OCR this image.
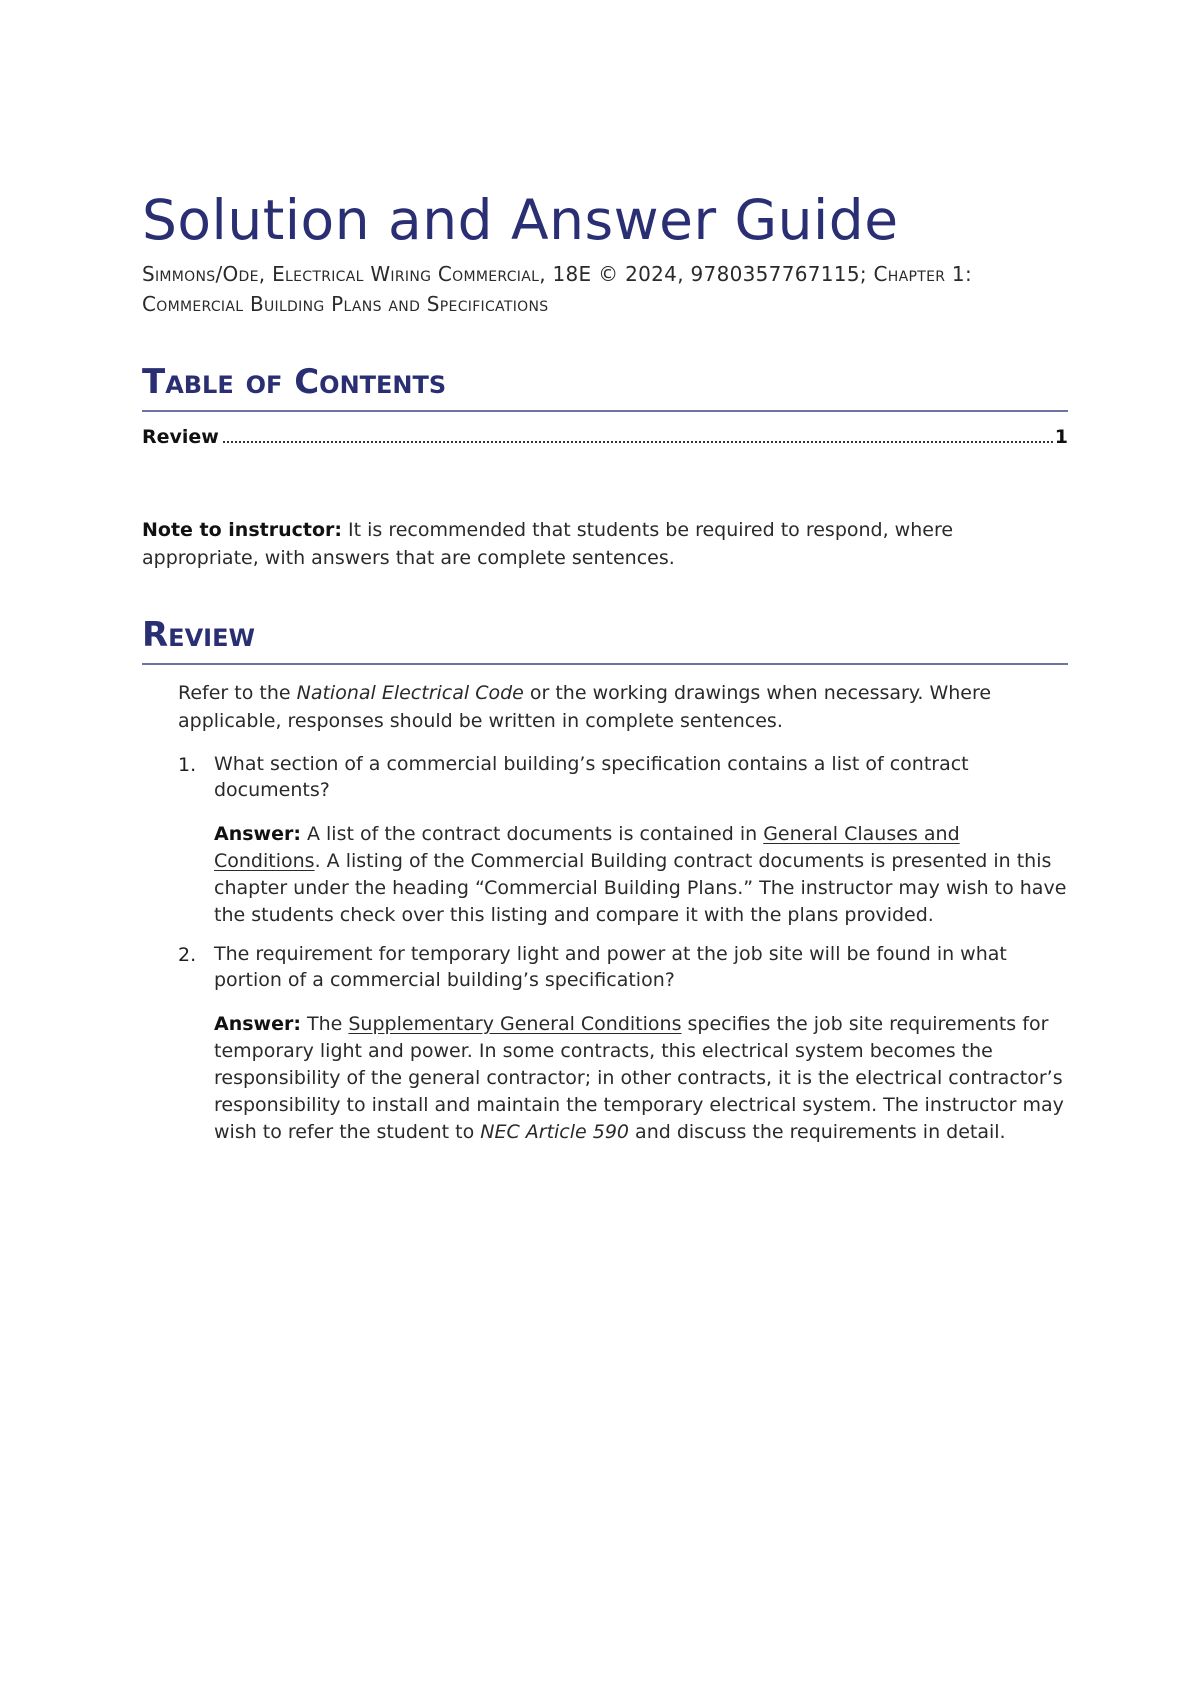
Solution and Answer Guide
Simmons/Ode, Electrical Wiring Commercial, 18E © 2024, 9780357767115; Chapter 1:
Commercial Building Plans and Specifications
Table of Contents
Review	1

Note to instructor: It is recommended that students be required to respond, where appropriate, with answers that are complete sentences.

Review

Refer to the National Electrical Code or the working drawings when necessary. Where applicable, responses should be written in complete sentences.

1. What section of a commercial building’s specification contains a list of contract documents?
Answer: A list of the contract documents is contained in General Clauses and Conditions. A listing of the Commercial Building contract documents is presented in this chapter under the heading “Commercial Building Plans.” The instructor may wish to have the students check over this listing and compare it with the plans provided.
2. The requirement for temporary light and power at the job site will be found in what portion of a commercial building’s specification?
Answer: The Supplementary General Conditions specifies the job site requirements for temporary light and power. In some contracts, this electrical system becomes the responsibility of the general contractor; in other contracts, it is the electrical contractor’s responsibility to install and maintain the temporary electrical system. The instructor may wish to refer the student to NEC Article 590 and discuss the requirements in detail.
